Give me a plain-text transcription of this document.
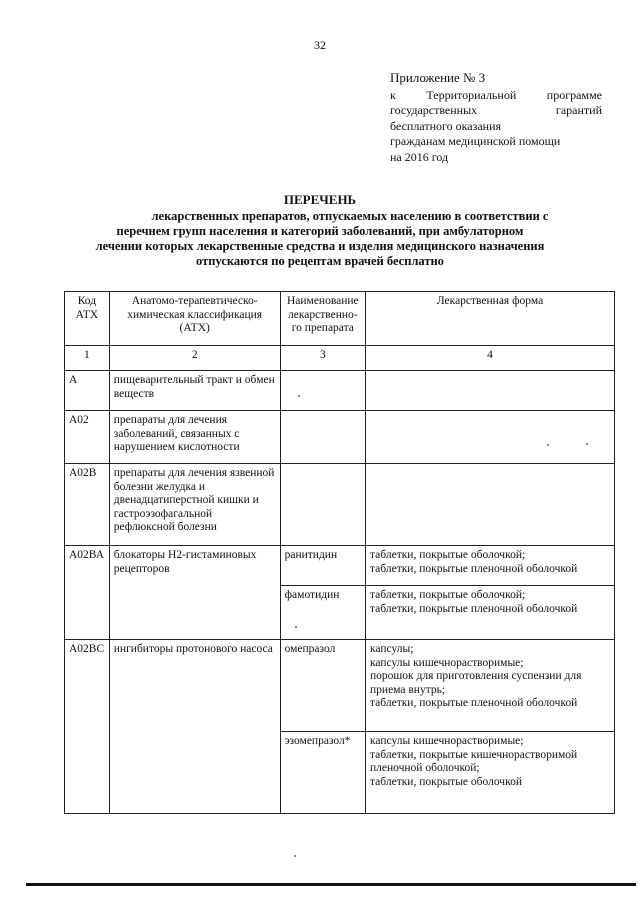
32
Приложение № 3
к Территориальной программе
государственных гарантий
бесплатного оказания
гражданам медицинской помощи
на 2016 год
ПЕРЕЧЕНЬ
лекарственных препаратов, отпускаемых населению в соответствии с
перечнем групп населения и категорий заболеваний, при амбулаторном
лечении которых лекарственные средства и изделия медицинского назначения
отпускаются по рецептам врачей бесплатно
Код АТХ	Анатомо-терапевтическо-химическая классификация (АТХ)	Наименование лекарственно-го препарата	Лекарственная форма
1	2	3	4
А	пищеварительный тракт и обмен веществ		
А02	препараты для лечения заболеваний, связанных с нарушением кислотности		
А02В	препараты для лечения язвенной болезни желудка и двенадцатиперстной кишки и гастроэзофагальной рефлюксной болезни		
А02ВА	блокаторы Н2-гистаминовых рецепторов	ранитидин	таблетки, покрытые оболочкой;
таблетки, покрытые пленочной оболочкой
		фамотидин	таблетки, покрытые оболочкой;
таблетки, покрытые пленочной оболочкой
А02ВС	ингибиторы протонового насоса	омепразол	капсулы;
капсулы кишечнорастворимые;
порошок для приготовления суспензии для приема внутрь;
таблетки, покрытые пленочной оболочкой
		эзомепразол*	капсулы кишечнорастворимые;
таблетки, покрытые кишечнорастворимой пленочной оболочкой;
таблетки, покрытые оболочкой
